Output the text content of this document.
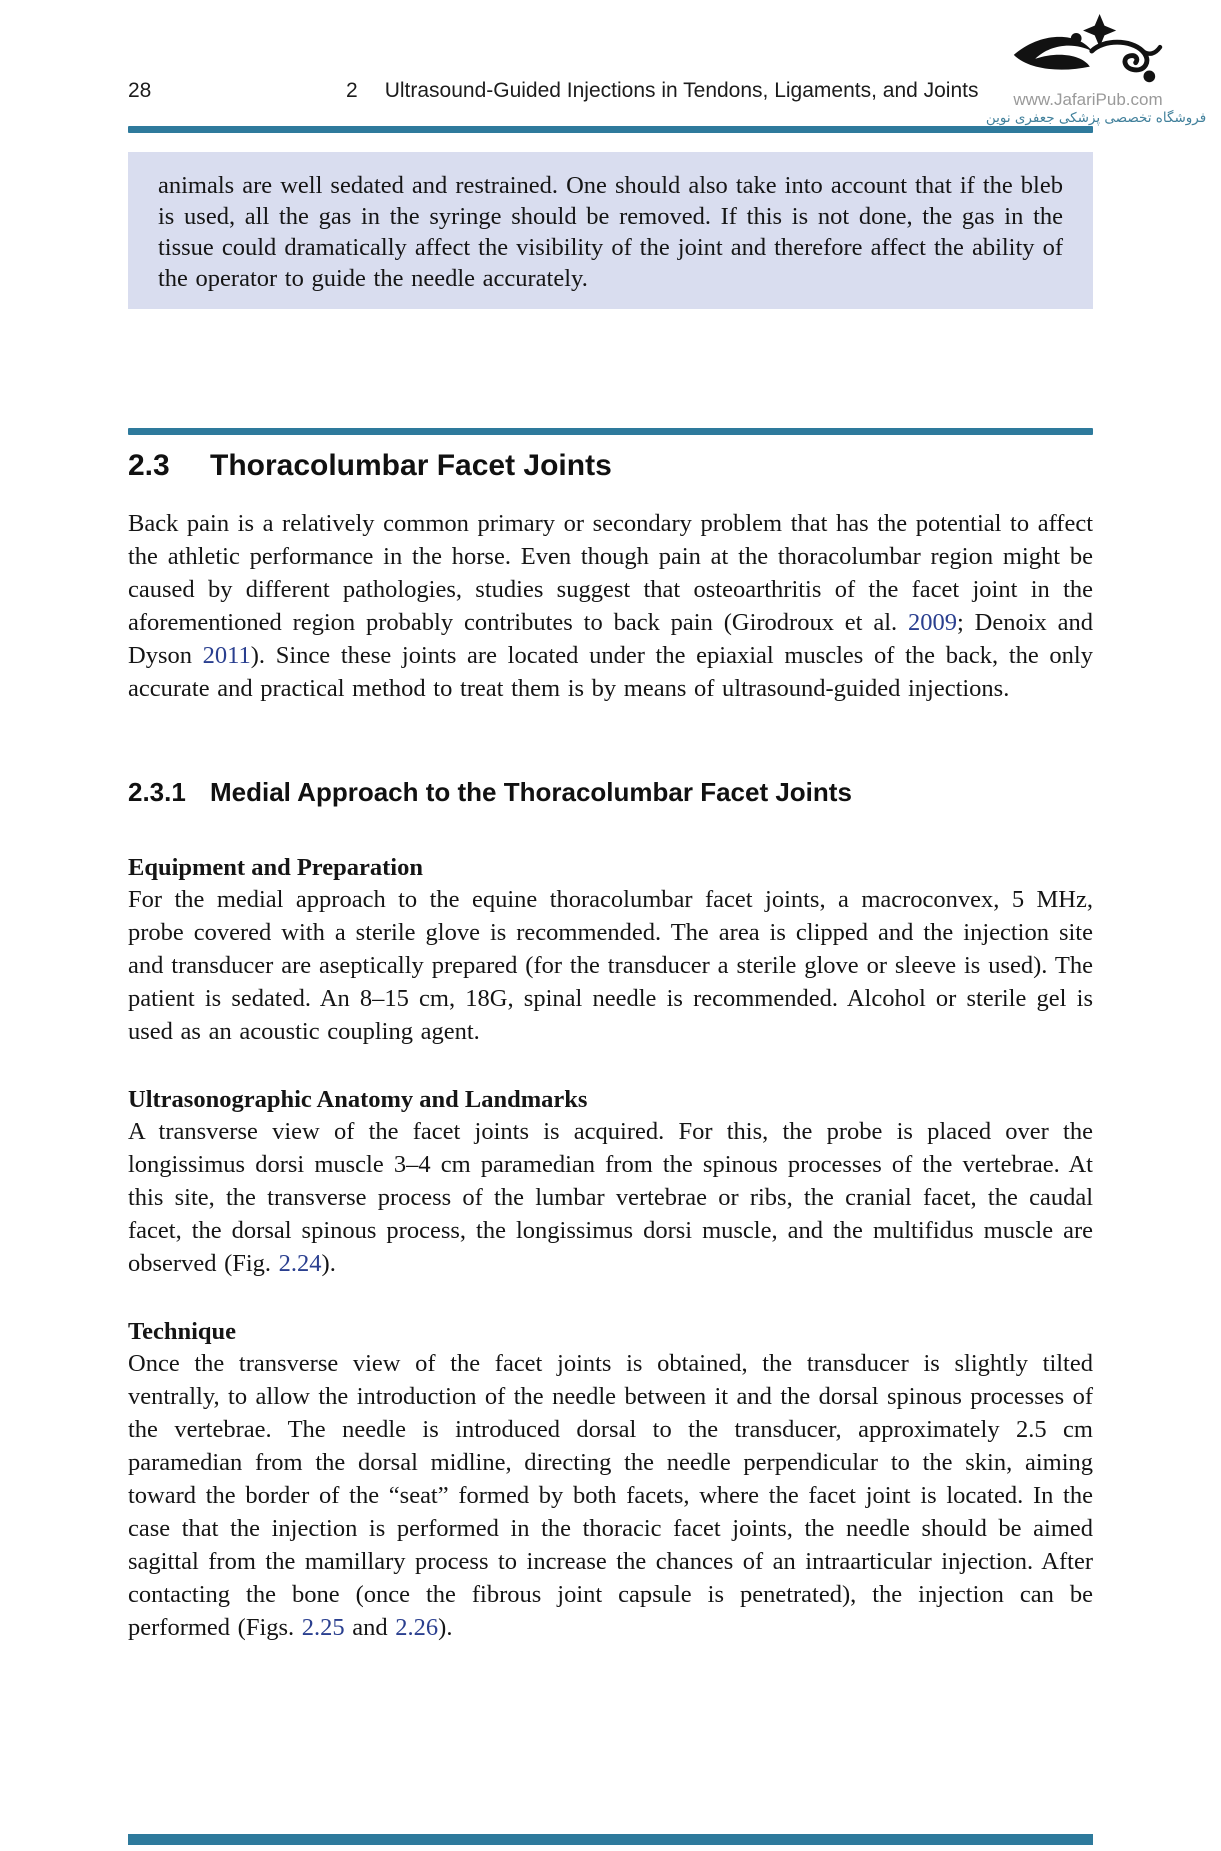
www.JafariPub.com
فروشگاه تخصصی پزشکی جعفری نوین
28	2 Ultrasound-Guided Injections in Tendons, Ligaments, and Joints
animals are well sedated and restrained. One should also take into account that if the bleb is used, all the gas in the syringe should be removed. If this is not done, the gas in the tissue could dramatically affect the visibility of the joint and therefore affect the ability of the operator to guide the needle accurately.
2.3	Thoracolumbar Facet Joints
Back pain is a relatively common primary or secondary problem that has the potential to affect the athletic performance in the horse. Even though pain at the thoracolumbar region might be caused by different pathologies, studies suggest that osteoarthritis of the facet joint in the aforementioned region probably contributes to back pain (Girodroux et al. 2009; Denoix and Dyson 2011). Since these joints are located under the epiaxial muscles of the back, the only accurate and practical method to treat them is by means of ultrasound-guided injections.
2.3.1 Medial Approach to the Thoracolumbar Facet Joints
Equipment and Preparation
For the medial approach to the equine thoracolumbar facet joints, a macroconvex, 5 MHz, probe covered with a sterile glove is recommended. The area is clipped and the injection site and transducer are aseptically prepared (for the transducer a sterile glove or sleeve is used). The patient is sedated. An 8–15 cm, 18G, spinal needle is recommended. Alcohol or sterile gel is used as an acoustic coupling agent.
Ultrasonographic Anatomy and Landmarks
A transverse view of the facet joints is acquired. For this, the probe is placed over the longissimus dorsi muscle 3–4 cm paramedian from the spinous processes of the vertebrae. At this site, the transverse process of the lumbar vertebrae or ribs, the cranial facet, the caudal facet, the dorsal spinous process, the longissimus dorsi muscle, and the multifidus muscle are observed (Fig. 2.24).
Technique
Once the transverse view of the facet joints is obtained, the transducer is slightly tilted ventrally, to allow the introduction of the needle between it and the dorsal spinous processes of the vertebrae. The needle is introduced dorsal to the transducer, approximately 2.5 cm paramedian from the dorsal midline, directing the needle perpendicular to the skin, aiming toward the border of the “seat” formed by both facets, where the facet joint is located. In the case that the injection is performed in the thoracic facet joints, the needle should be aimed sagittal from the mamillary process to increase the chances of an intraarticular injection. After contacting the bone (once the fibrous joint capsule is penetrated), the injection can be performed (Figs. 2.25 and 2.26).
